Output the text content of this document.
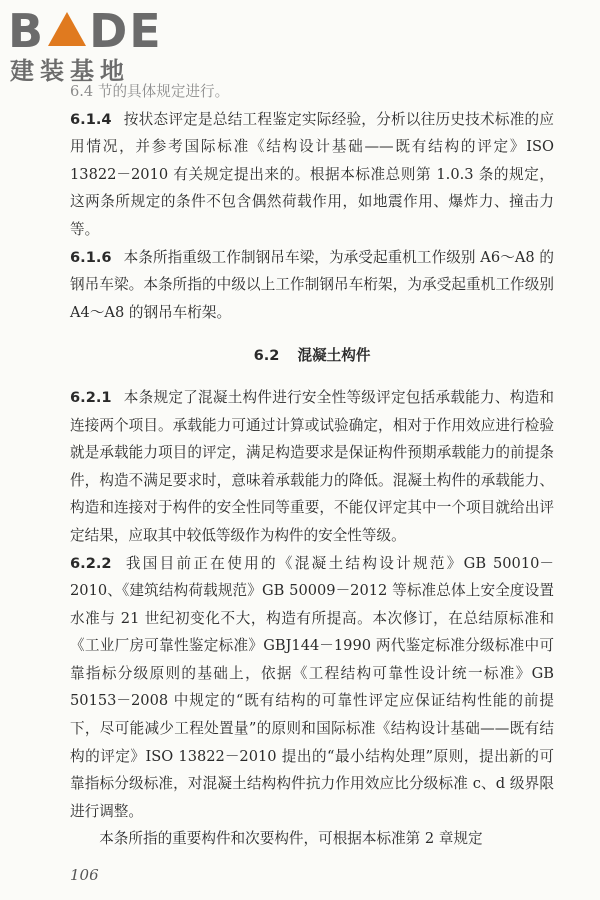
B DE
建装基地
6.4 节的具体规定进行。

6.1.4 按状态评定是总结工程鉴定实际经验，分析以往历史技术标准的应用情况，并参考国际标准《结构设计基础——既有结构的评定》ISO 13822－2010 有关规定提出来的。根据本标准总则第 1.0.3 条的规定，这两条所规定的条件不包含偶然荷载作用，如地震作用、爆炸力、撞击力等。

6.1.6 本条所指重级工作制钢吊车梁，为承受起重机工作级别 A6～A8 的钢吊车梁。本条所指的中级以上工作制钢吊车桁架，为承受起重机工作级别 A4～A8 的钢吊车桁架。

6.2 混凝土构件

6.2.1 本条规定了混凝土构件进行安全性等级评定包括承载能力、构造和连接两个项目。承载能力可通过计算或试验确定，相对于作用效应进行检验就是承载能力项目的评定，满足构造要求是保证构件预期承载能力的前提条件，构造不满足要求时，意味着承载能力的降低。混凝土构件的承载能力、构造和连接对于构件的安全性同等重要，不能仅评定其中一个项目就给出评定结果，应取其中较低等级作为构件的安全性等级。

6.2.2 我国目前正在使用的《混凝土结构设计规范》GB 50010－2010、《建筑结构荷载规范》GB 50009－2012 等标准总体上安全度设置水准与 21 世纪初变化不大，构造有所提高。本次修订，在总结原标准和《工业厂房可靠性鉴定标准》GBJ144－1990 两代鉴定标准分级标准中可靠指标分级原则的基础上，依据《工程结构可靠性设计统一标准》GB 50153－2008 中规定的“既有结构的可靠性评定应保证结构性能的前提下，尽可能减少工程处置量”的原则和国际标准《结构设计基础——既有结构的评定》ISO 13822－2010 提出的“最小结构处理”原则，提出新的可靠指标分级标准，对混凝土结构构件抗力作用效应比分级标准 c、d 级界限进行调整。

本条所指的重要构件和次要构件，可根据本标准第 2 章规定

106
